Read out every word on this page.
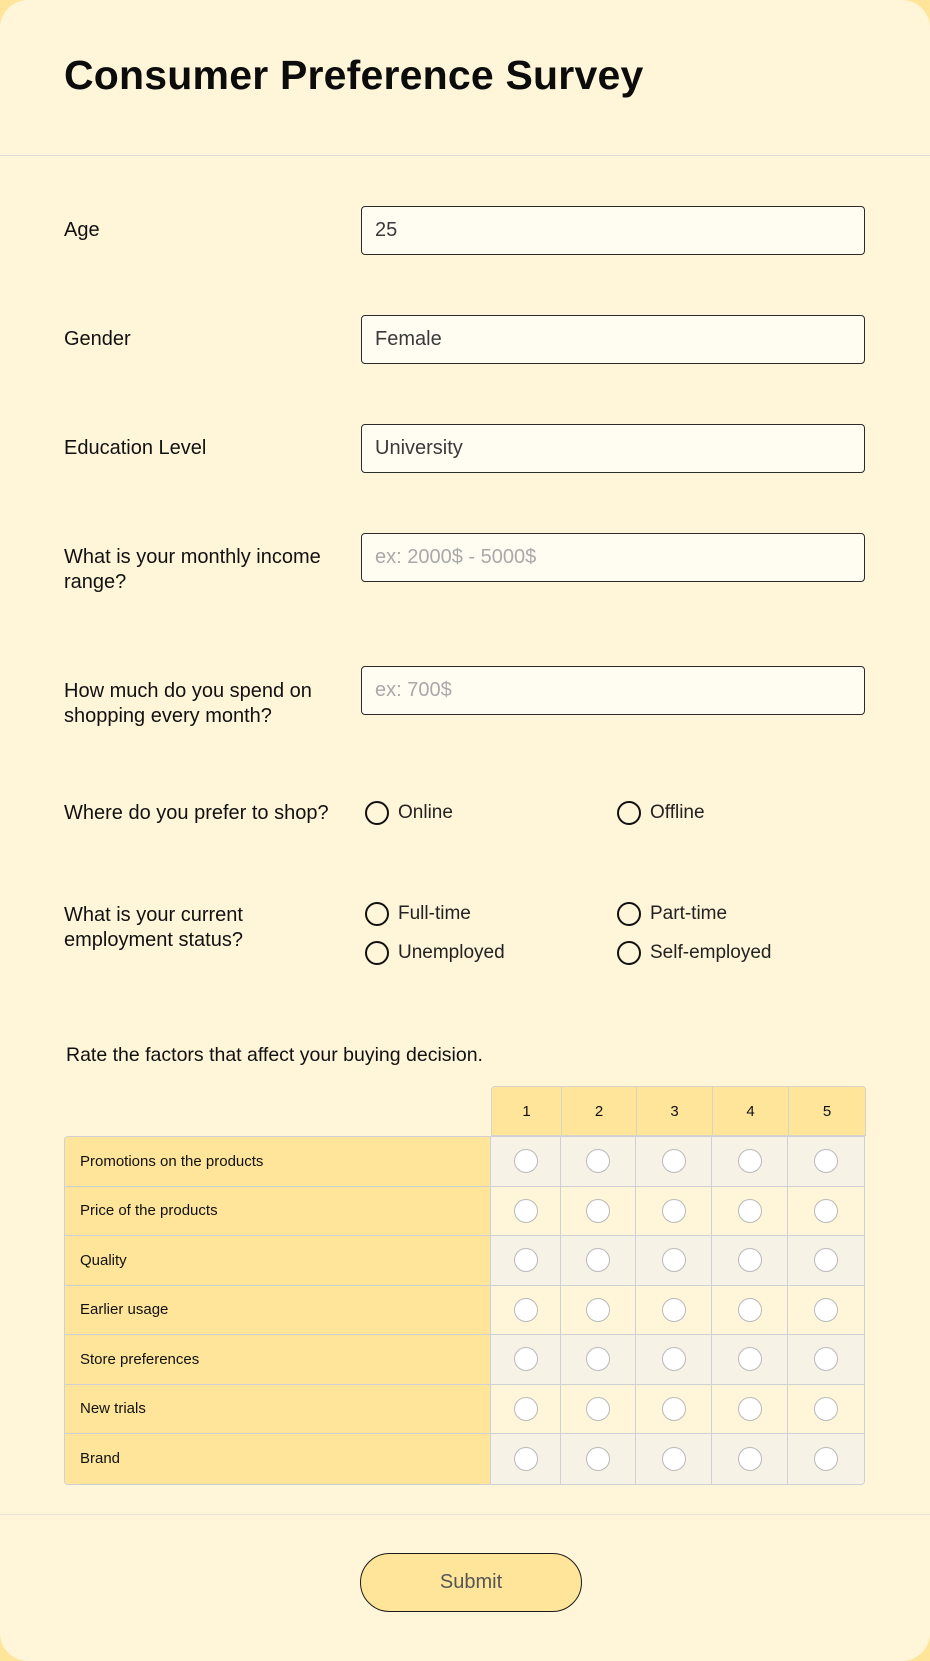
Consumer Preference Survey
Age
25
Gender
Female
Education Level
University
What is your monthly income range?
ex: 2000$ - 5000$
How much do you spend on shopping every month?
ex: 700$
Where do you prefer to shop?	Online	Offline
What is your current employment status?
Full-time	Part-time
Unemployed	Self-employed
Rate the factors that affect your buying decision.
1	2	3	4	5
Promotions on the products
Price of the products
Quality
Earlier usage
Store preferences
New trials
Brand
Submit
